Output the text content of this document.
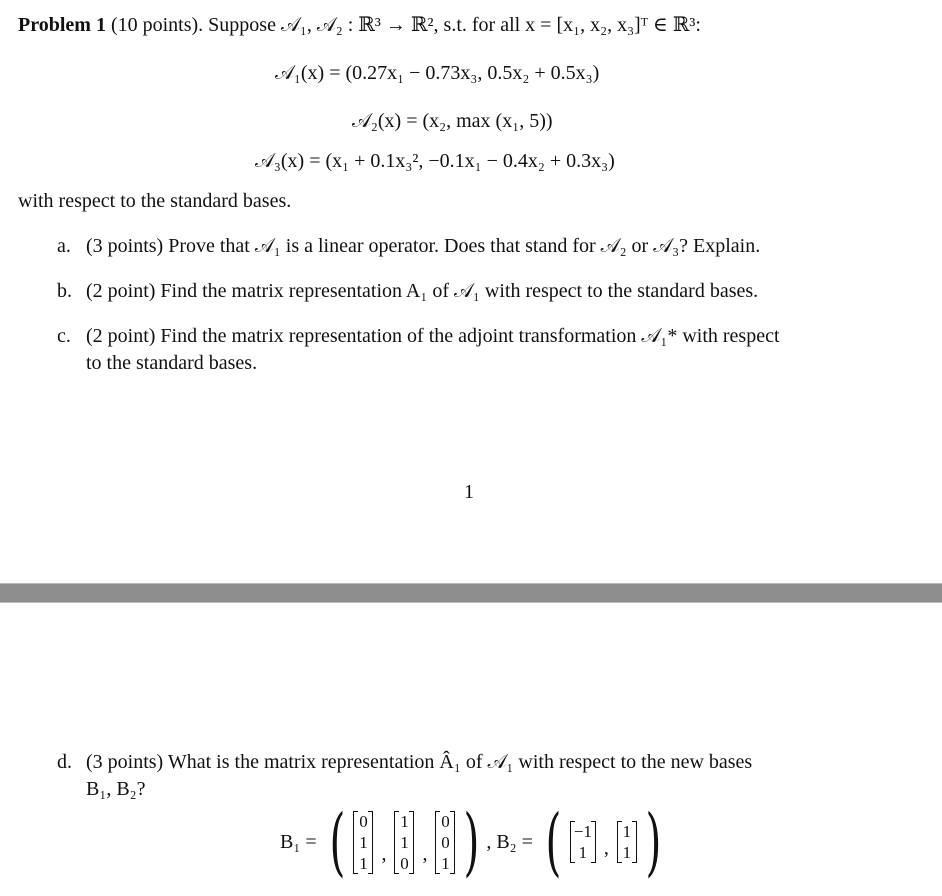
Problem 1 (10 points). Suppose 𝒜₁, 𝒜₂ : ℝ³ → ℝ², s.t. for all x = [x₁, x₂, x₃]ᵀ ∈ ℝ³:
𝒜₁(x) = (0.27x₁ − 0.73x₃, 0.5x₂ + 0.5x₃)
𝒜₂(x) = (x₂, max (x₁, 5))
𝒜₃(x) = (x₁ + 0.1x₃², −0.1x₁ − 0.4x₂ + 0.3x₃)
with respect to the standard bases.
a. (3 points) Prove that 𝒜₁ is a linear operator. Does that stand for 𝒜₂ or 𝒜₃? Explain.
b. (2 point) Find the matrix representation A₁ of 𝒜₁ with respect to the standard bases.
c. (2 point) Find the matrix representation of the adjoint transformation 𝒜₁* with respect
to the standard bases.
1
d. (3 points) What is the matrix representation Â₁ of 𝒜₁ with respect to the new bases
B₁, B₂?
B₁ = ( 0
1
1 ,
1
1
0 ,
0
0
1 ) , B₂ = ( −1
1 ,
1
1 )
